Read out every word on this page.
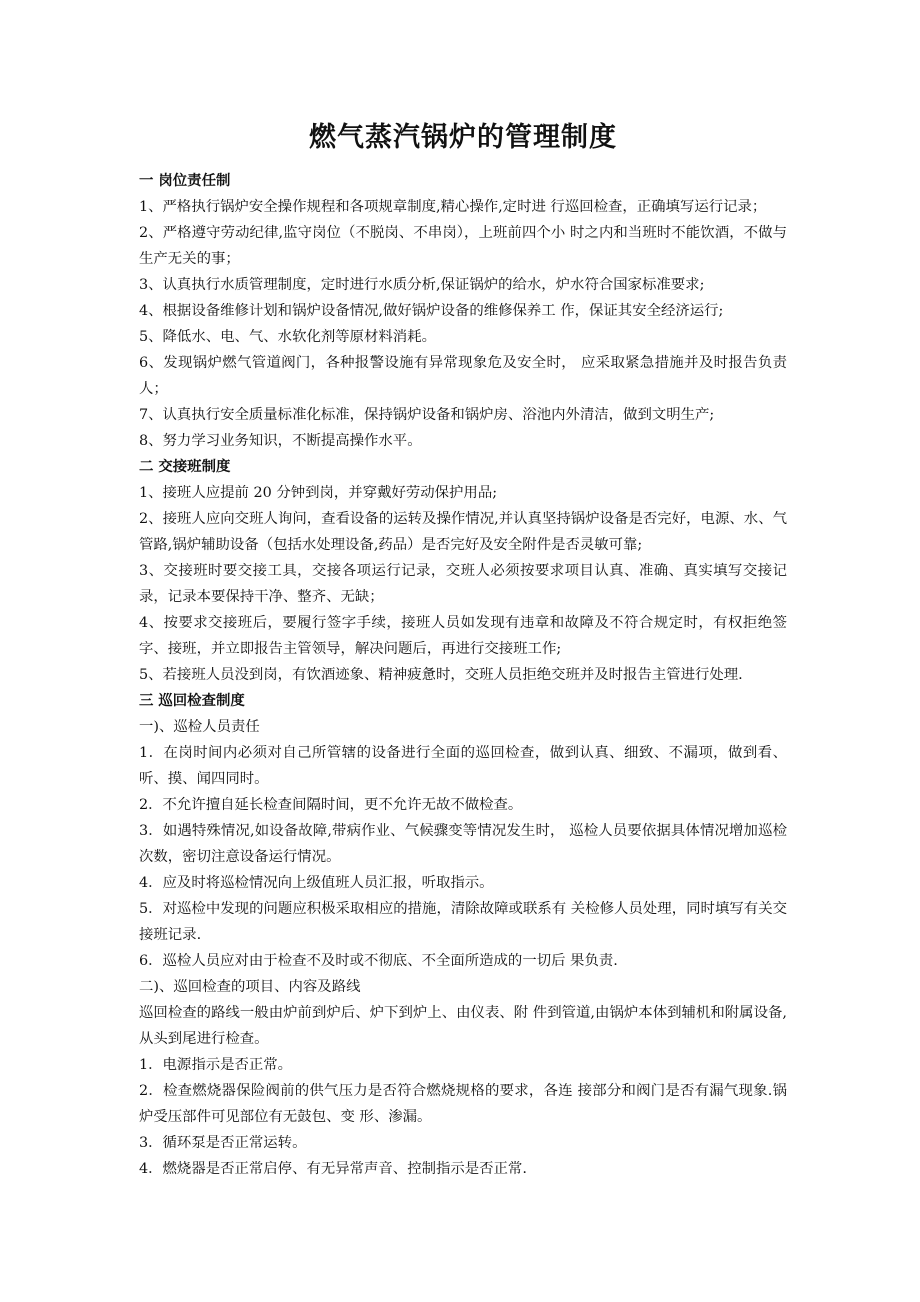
燃气蒸汽锅炉的管理制度

一 岗位责任制

1、严格执行锅炉安全操作规程和各项规章制度,精心操作,定时进 行巡回检查，正确填写运行记录；

2、严格遵守劳动纪律,监守岗位（不脱岗、不串岗），上班前四个小 时之内和当班时不能饮酒，不做与生产无关的事；

3、认真执行水质管理制度，定时进行水质分析,保证锅炉的给水，炉水符合国家标准要求;

4、根据设备维修计划和锅炉设备情况,做好锅炉设备的维修保养工 作，保证其安全经济运行;

5、降低水、电、气、水软化剂等原材料消耗。

6、发现锅炉燃气管道阀门，各种报警设施有异常现象危及安全时， 应采取紧急措施并及时报告负责人；

7、认真执行安全质量标准化标准，保持锅炉设备和锅炉房、浴池内外清洁，做到文明生产;

8、努力学习业务知识，不断提高操作水平。

二 交接班制度

1、接班人应提前 20 分钟到岗，并穿戴好劳动保护用品;

2、接班人应向交班人询问，查看设备的运转及操作情况,并认真坚持锅炉设备是否完好，电源、水、气管路,锅炉辅助设备（包括水处理设备,药品）是否完好及安全附件是否灵敏可靠;

3、交接班时要交接工具，交接各项运行记录，交班人必须按要求项目认真、准确、真实填写交接记录，记录本要保持干净、整齐、无缺；

4、按要求交接班后，要履行签字手续，接班人员如发现有违章和故障及不符合规定时，有权拒绝签字、接班，并立即报告主管领导，解决问题后，再进行交接班工作;

5、若接班人员没到岗，有饮酒迹象、精神疲惫时，交班人员拒绝交班并及时报告主管进行处理.

三 巡回检查制度

一)、巡检人员责任

1．在岗时间内必须对自己所管辖的设备进行全面的巡回检查，做到认真、细致、不漏项，做到看、听、摸、闻四同时。

2．不允许擅自延长检查间隔时间，更不允许无故不做检查。

3．如遇特殊情况,如设备故障,带病作业、气候骤变等情况发生时， 巡检人员要依据具体情况增加巡检次数，密切注意设备运行情况。

4．应及时将巡检情况向上级值班人员汇报，听取指示。

5．对巡检中发现的问题应积极采取相应的措施，清除故障或联系有 关检修人员处理，同时填写有关交接班记录.

6．巡检人员应对由于检查不及时或不彻底、不全面所造成的一切后 果负责.

二)、巡回检查的项目、内容及路线

巡回检查的路线一般由炉前到炉后、炉下到炉上、由仪表、附 件到管道,由锅炉本体到辅机和附属设备,从头到尾进行检查。

1．电源指示是否正常。

2．检查燃烧器保险阀前的供气压力是否符合燃烧规格的要求，各连 接部分和阀门是否有漏气现象.锅炉受压部件可见部位有无鼓包、变 形、渗漏。

3．循环泵是否正常运转。

4．燃烧器是否正常启停、有无异常声音、控制指示是否正常.
